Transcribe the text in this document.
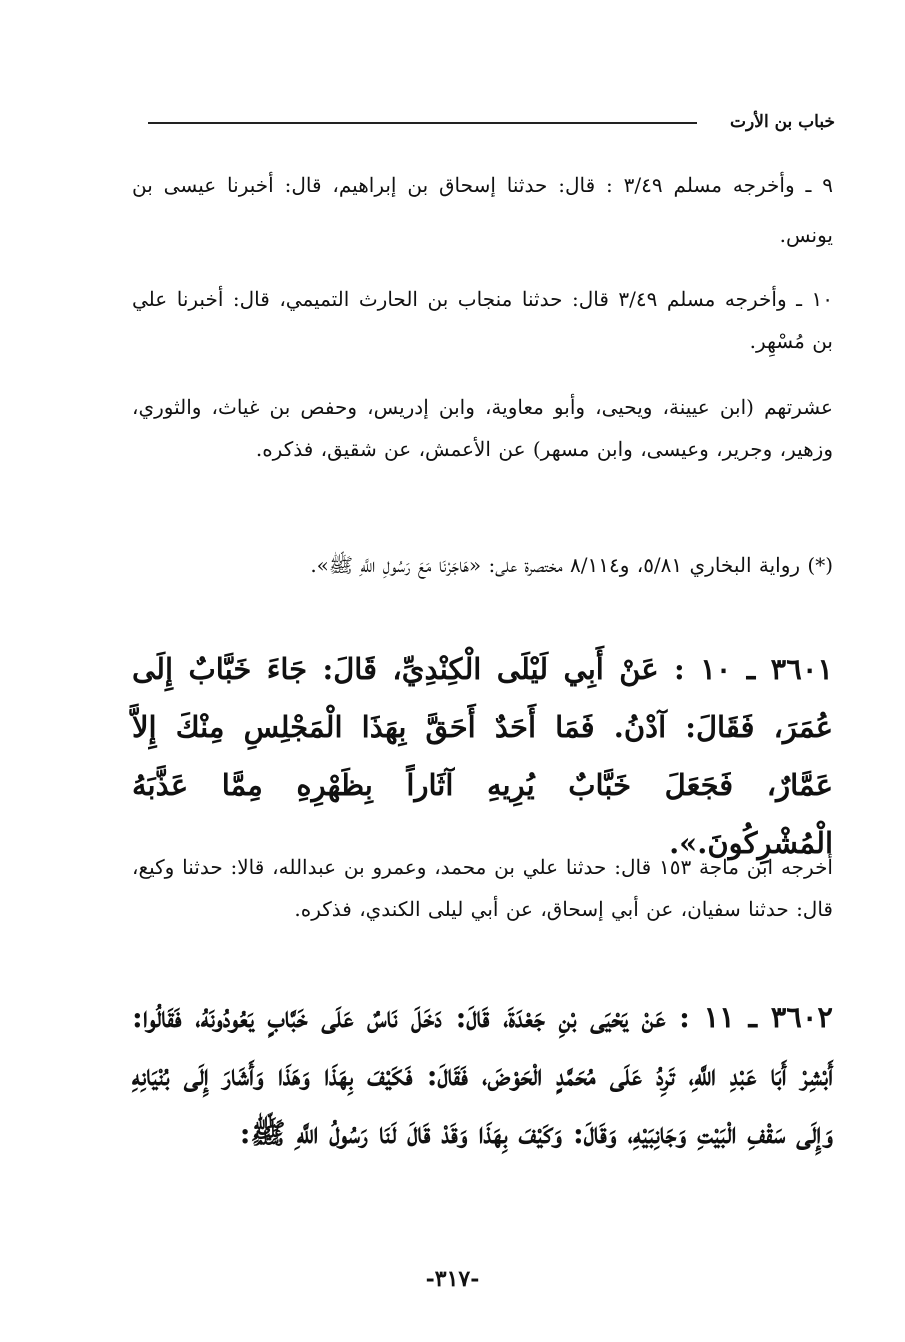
خباب بن الأرت

٩ ـ وأخرجه مسلم ٣/٤٩ : قال: حدثنا إسحاق بن إبراهيم، قال: أخبرنا عيسى بن يونس.

١٠ ـ وأخرجه مسلم ٣/٤٩ قال: حدثنا منجاب بن الحارث التميمي، قال: أخبرنا علي بن مُسْهِر.

عشرتهم (ابن عيينة، ويحيى، وأبو معاوية، وابن إدريس، وحفص بن غياث، والثوري، وزهير، وجرير، وعيسى، وابن مسهر) عن الأعمش، عن شقيق، فذكره.

(*) رواية البخاري ٥/٨١، و٨/١١٤ مختصرة على: «هَاجَرْنَا مَعَ رَسُولِ اللَّهِ ﷺ».

٣٦٠١ ـ ١٠ : عَنْ أَبِي لَيْلَى الْكِنْدِيِّ، قَالَ: جَاءَ خَبَّابٌ إِلَى عُمَرَ، فَقَالَ: آدْنُ. فَمَا أَحَدٌ أَحَقَّ بِهَذَا الْمَجْلِسِ مِنْكَ إِلاَّ عَمَّارٌ، فَجَعَلَ خَبَّابٌ يُرِيهِ آثَاراً بِظَهْرِهِ مِمَّا عَذَّبَهُ الْمُشْرِكُونَ.».

أخرجه ابن ماجة ١٥٣ قال: حدثنا علي بن محمد، وعمرو بن عبدالله، قالا: حدثنا وكيع، قال: حدثنا سفيان، عن أبي إسحاق، عن أبي ليلى الكندي، فذكره.

٣٦٠٢ ـ ١١ : عَنْ يَحْيَى بْنِ جَعْدَةَ، قَالَ: دَخَلَ نَاسٌ عَلَى خَبَّابٍ يَعُودُونَهُ، فَقَالُوا: أَبْشِرْ أَبَا عَبْدِ اللَّهِ، تَرِدُ عَلَى مُحَمَّدٍ الْحَوْضَ، فَقَالَ: فَكَيْفَ بِهَذَا وَهَذَا وَأَشَارَ إِلَى بُنْيَانِهِ وَإِلَى سَقْفِ الْبَيْتِ وَجَانِبَيْهِ، وَقَالَ: وَكَيْفَ بِهَذَا وَقَدْ قَالَ لَنَا رَسُولُ اللَّهِ ﷺ:

-٣١٧-
